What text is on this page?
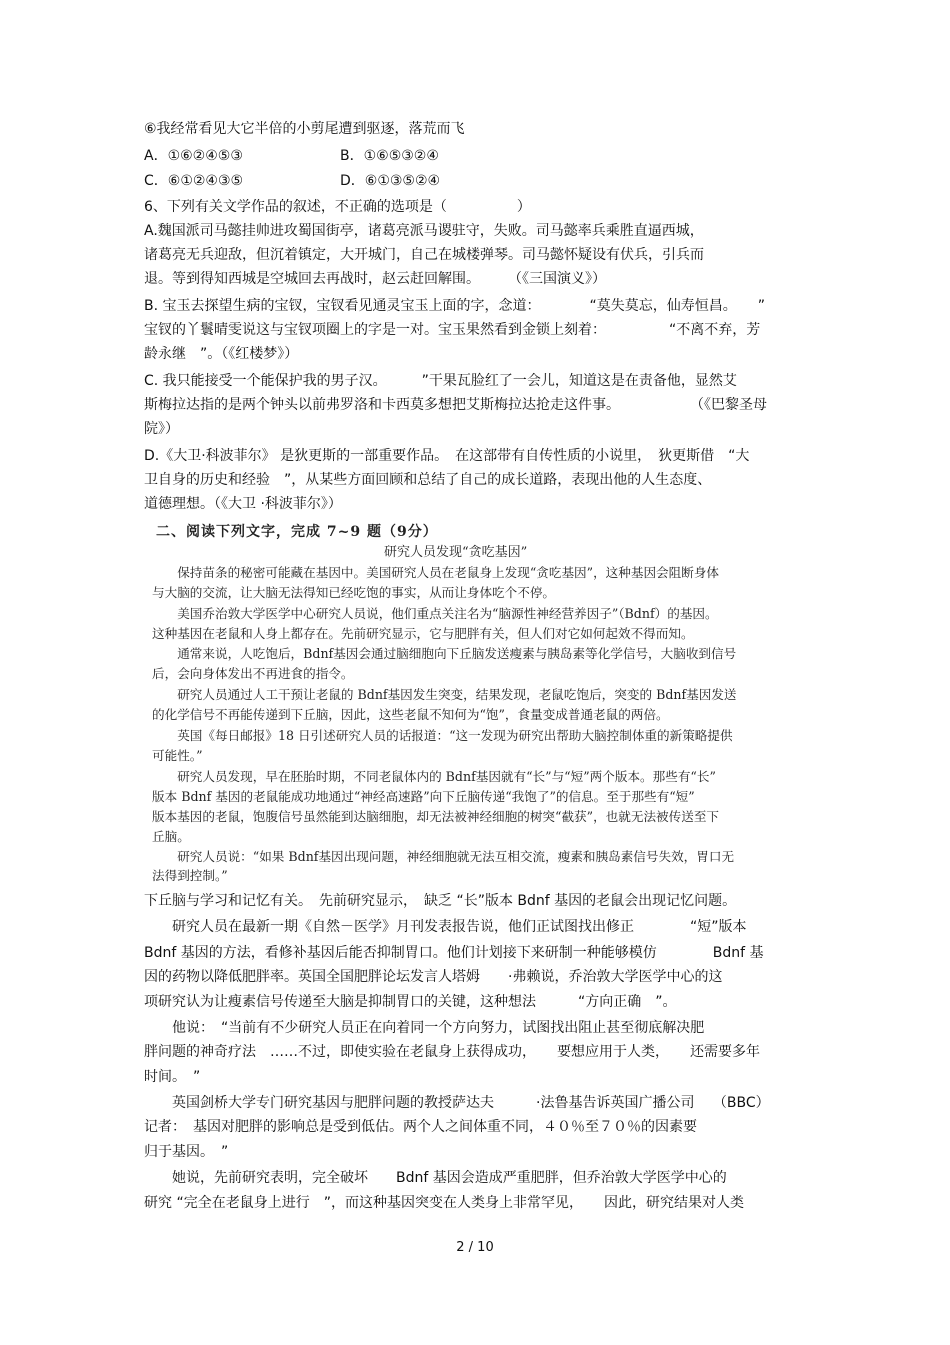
⑥我经常看见大它半倍的小剪尾遭到驱逐，落荒而飞
A．①⑥②④⑤③	B．①⑥⑤③②④
C．⑥①②④③⑤	D．⑥①③⑤②④
6、下列有关文学作品的叙述，不正确的选项是（　　　　　）
A.魏国派司马懿挂帅进攻蜀国街亭，诸葛亮派马谡驻守，失败。司马懿率兵乘胜直逼西城，
诸葛亮无兵迎敌，但沉着镇定，大开城门，自己在城楼弹琴。司马懿怀疑设有伏兵，引兵而
退。等到得知西城是空城回去再战时，赵云赶回解围。　　　（《三国演义》）
B. 宝玉去探望生病的宝钗，宝钗看见通灵宝玉上面的字，念道：　　　　“莫失莫忘，仙寿恒昌。　　”
宝钗的丫鬟晴雯说这与宝钗项圈上的字是一对。宝玉果然看到金锁上刻着：　　　　　“不离不弃，芳
龄永继　”。（《红楼梦》）
C. 我只能接受一个能保护我的男子汉。　　　”干果瓦脸红了一会儿，知道这是在责备他，显然艾
斯梅拉达指的是两个钟头以前弗罗洛和卡西莫多想把艾斯梅拉达抢走这件事。　　　　　　（《巴黎圣母
院》）
D.《大卫·科波菲尔》 是狄更斯的一部重要作品。　在这部带有自传性质的小说里，　狄更斯借　“大
卫自身的历史和经验　”，从某些方面回顾和总结了自己的成长道路，表现出他的人生态度、
道德理想。（《大卫 ·科波菲尔》）
二、阅读下列文字，完成 7~9 题（9分）
研究人员发现“贪吃基因”
　　保持苗条的秘密可能藏在基因中。美国研究人员在老鼠身上发现“贪吃基因”，这种基因会阻断身体
与大脑的交流，让大脑无法得知已经吃饱的事实，从而让身体吃个不停。
　　美国乔治敦大学医学中心研究人员说，他们重点关注名为“脑源性神经营养因子”（Bdnf）的基因。
这种基因在老鼠和人身上都存在。先前研究显示，它与肥胖有关，但人们对它如何起效不得而知。
　　通常来说，人吃饱后，Bdnf基因会通过脑细胞向下丘脑发送瘦素与胰岛素等化学信号，大脑收到信号
后，会向身体发出不再进食的指令。
　　研究人员通过人工干预让老鼠的 Bdnf基因发生突变，结果发现，老鼠吃饱后，突变的 Bdnf基因发送
的化学信号不再能传递到下丘脑，因此，这些老鼠不知何为“饱”，食量变成普通老鼠的两倍。
　　英国《每日邮报》18 日引述研究人员的话报道：“这一发现为研究出帮助大脑控制体重的新策略提供
可能性。”
　　研究人员发现，早在胚胎时期，不同老鼠体内的 Bdnf基因就有“长”与“短”两个版本。那些有“长”
版本 Bdnf 基因的老鼠能成功地通过“神经高速路”向下丘脑传递“我饱了”的信息。至于那些有“短”
版本基因的老鼠，饱腹信号虽然能到达脑细胞，却无法被神经细胞的树突“截获”，也就无法被传送至下
丘脑。
　　研究人员说：“如果 Bdnf基因出现问题，神经细胞就无法互相交流，瘦素和胰岛素信号失效，胃口无
法得到控制。”
下丘脑与学习和记忆有关。　先前研究显示，　缺乏 “长”版本 Bdnf 基因的老鼠会出现记忆问题。
　　研究人员在最新一期《自然－医学》月刊发表报告说，他们正试图找出修正　　　　“短”版本
Bdnf 基因的方法，看修补基因后能否抑制胃口。他们计划接下来研制一种能够模仿　　　　Bdnf 基
因的药物以降低肥胖率。英国全国肥胖论坛发言人塔姆　　·弗赖说，乔治敦大学医学中心的这
项研究认为让瘦素信号传递至大脑是抑制胃口的关键，这种想法　　　“方向正确　”。
　　他说：　“当前有不少研究人员正在向着同一个方向努力，试图找出阻止甚至彻底解决肥
胖问题的神奇疗法　……不过，即使实验在老鼠身上获得成功，　　要想应用于人类，　　还需要多年
时间。　”
　　英国剑桥大学专门研究基因与肥胖问题的教授萨达夫　　　·法鲁基告诉英国广播公司　 （BBC）
记者：　基因对肥胖的影响总是受到低估。两个人之间体重不同，４０％至７０％的因素要
归于基因。　”
　　她说，先前研究表明，完全破坏　　Bdnf 基因会造成严重肥胖，但乔治敦大学医学中心的
研究 “完全在老鼠身上进行　”，而这种基因突变在人类身上非常罕见，　　因此，研究结果对人类
2 / 10
